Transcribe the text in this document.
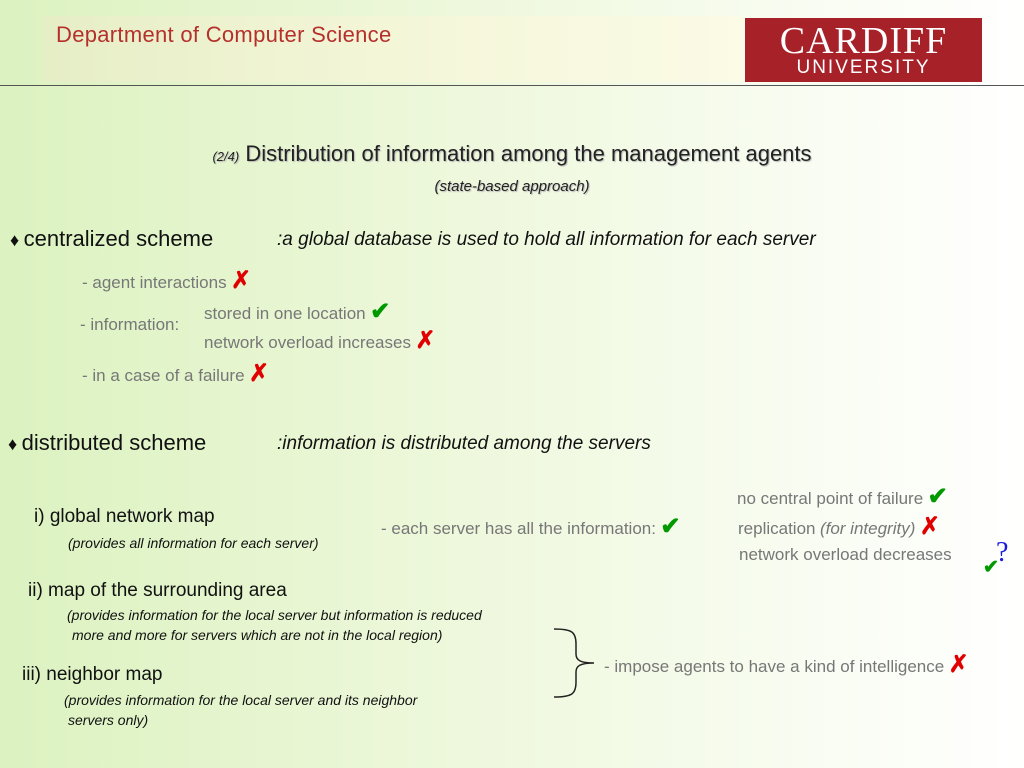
Department of Computer Science	CARDIFF
UNIVERSITY
(2/4) Distribution of information among the management agents
(state-based approach)
♦ centralized scheme	:a global database is used to hold all information for each server
- agent interactions ✗
- information:
stored in one location ✔
network overload increases ✗
- in a case of a failure ✗
♦ distributed scheme	:information is distributed among the servers
i) global network map
(provides all information for each server)
- each server has all the information: ✔
no central point of failure ✔
replication (for integrity) ✗
network overload decreases ?
✔
ii) map of the surrounding area
(provides information for the local server but information is reduced
more and more for servers which are not in the local region)
iii) neighbor map
(provides information for the local server and its neighbor
servers only)
- impose agents to have a kind of intelligence ✗
